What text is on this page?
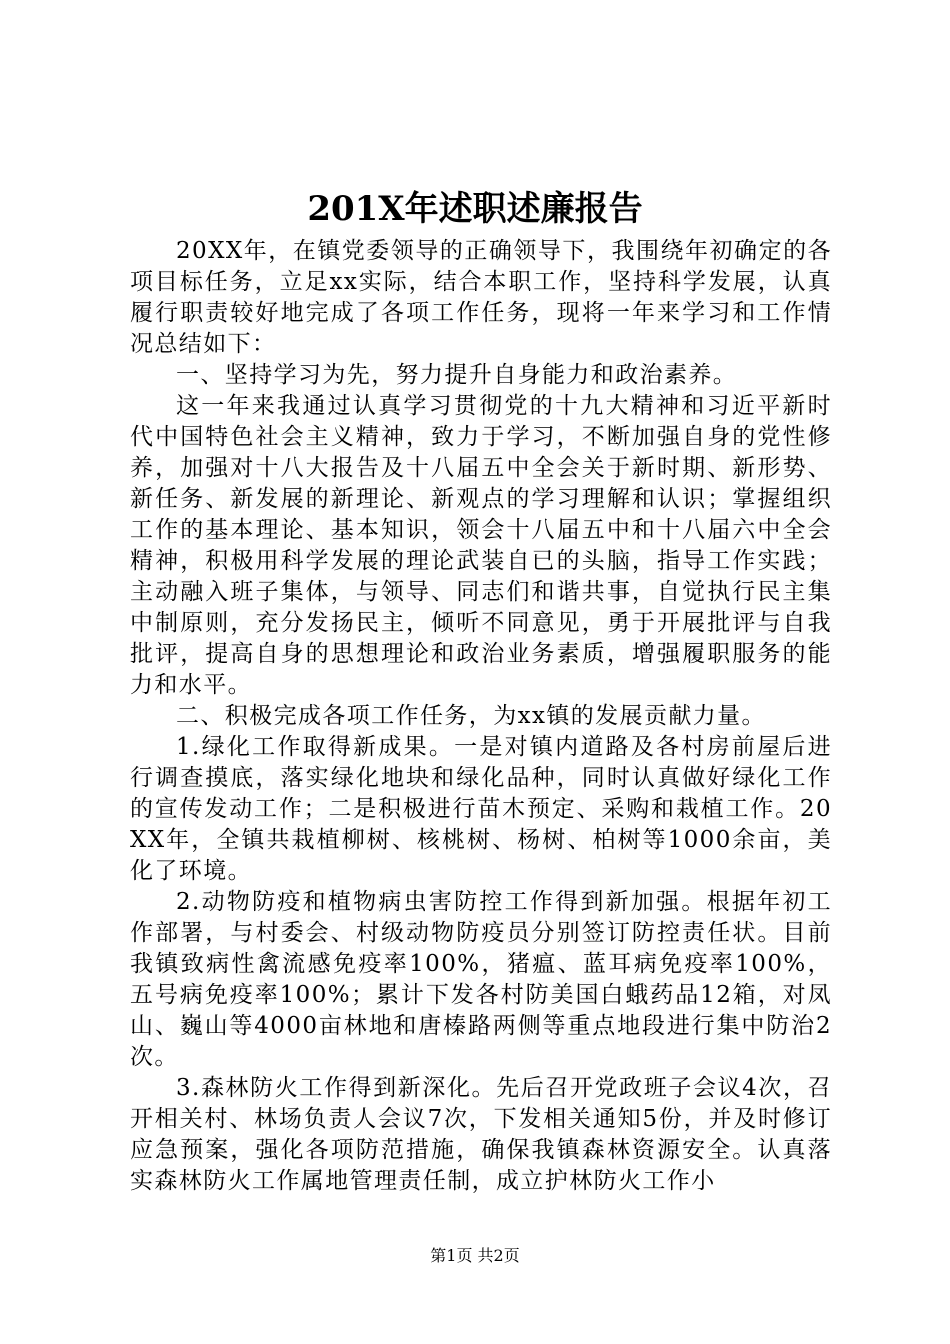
201X年述职述廉报告

20XX年，在镇党委领导的正确领导下，我围绕年初确定的各项目标任务，立足xx实际，结合本职工作，坚持科学发展，认真履行职责较好地完成了各项工作任务，现将一年来学习和工作情况总结如下：

一、坚持学习为先，努力提升自身能力和政治素养。

这一年来我通过认真学习贯彻党的十九大精神和习近平新时代中国特色社会主义精神，致力于学习，不断加强自身的党性修养，加强对十八大报告及十八届五中全会关于新时期、新形势、新任务、新发展的新理论、新观点的学习理解和认识；掌握组织工作的基本理论、基本知识，领会十八届五中和十八届六中全会精神，积极用科学发展的理论武装自已的头脑，指导工作实践；主动融入班子集体，与领导、同志们和谐共事，自觉执行民主集中制原则，充分发扬民主，倾听不同意见，勇于开展批评与自我批评，提高自身的思想理论和政治业务素质，增强履职服务的能力和水平。

二、积极完成各项工作任务，为xx镇的发展贡献力量。

1.绿化工作取得新成果。一是对镇内道路及各村房前屋后进行调查摸底，落实绿化地块和绿化品种，同时认真做好绿化工作的宣传发动工作；二是积极进行苗木预定、采购和栽植工作。20XX年，全镇共栽植柳树、核桃树、杨树、柏树等1000余亩，美化了环境。

2.动物防疫和植物病虫害防控工作得到新加强。根据年初工作部署，与村委会、村级动物防疫员分别签订防控责任状。目前我镇致病性禽流感免疫率100%，猪瘟、蓝耳病免疫率100%，五号病免疫率100%；累计下发各村防美国白蛾药品12箱，对凤山、巍山等4000亩林地和唐榛路两侧等重点地段进行集中防治2次。

3.森林防火工作得到新深化。先后召开党政班子会议4次，召开相关村、林场负责人会议7次，下发相关通知5份，并及时修订应急预案，强化各项防范措施，确保我镇森林资源安全。认真落实森林防火工作属地管理责任制，成立护林防火工作小

第1页 共2页
